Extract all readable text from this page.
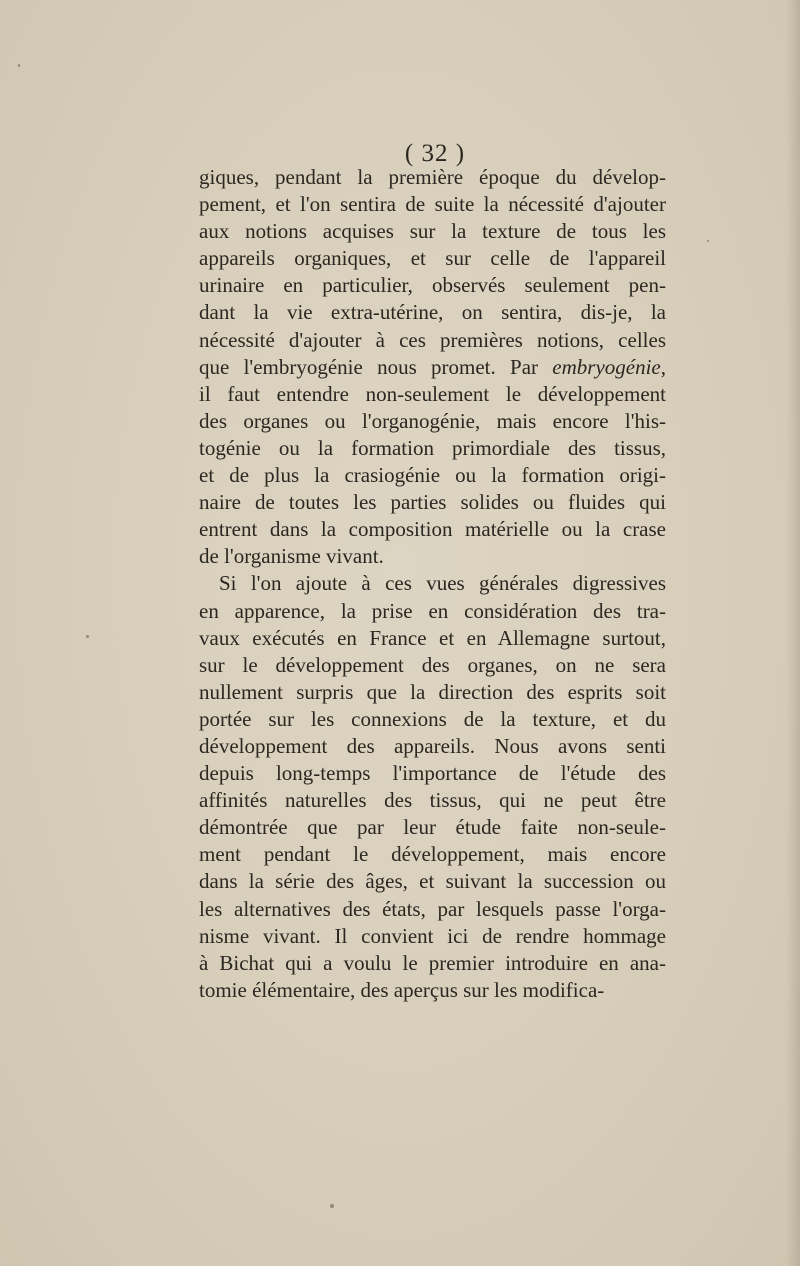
( 32 )
giques, pendant la première époque du dévelop-
pement, et l'on sentira de suite la nécessité d'ajouter
aux notions acquises sur la texture de tous les
appareils organiques, et sur celle de l'appareil
urinaire en particulier, observés seulement pen-
dant la vie extra-utérine, on sentira, dis-je, la
nécessité d'ajouter à ces premières notions, celles
que l'embryogénie nous promet. Par embryogénie,
il faut entendre non-seulement le développement
des organes ou l'organogénie, mais encore l'his-
togénie ou la formation primordiale des tissus,
et de plus la crasiogénie ou la formation origi-
naire de toutes les parties solides ou fluides qui
entrent dans la composition matérielle ou la crase
de l'organisme vivant.
Si l'on ajoute à ces vues générales digressives
en apparence, la prise en considération des tra-
vaux exécutés en France et en Allemagne surtout,
sur le développement des organes, on ne sera
nullement surpris que la direction des esprits soit
portée sur les connexions de la texture, et du
développement des appareils. Nous avons senti
depuis long-temps l'importance de l'étude des
affinités naturelles des tissus, qui ne peut être
démontrée que par leur étude faite non-seule-
ment pendant le développement, mais encore
dans la série des âges, et suivant la succession ou
les alternatives des états, par lesquels passe l'orga-
nisme vivant. Il convient ici de rendre hommage
à Bichat qui a voulu le premier introduire en ana-
tomie élémentaire, des aperçus sur les modifica-
